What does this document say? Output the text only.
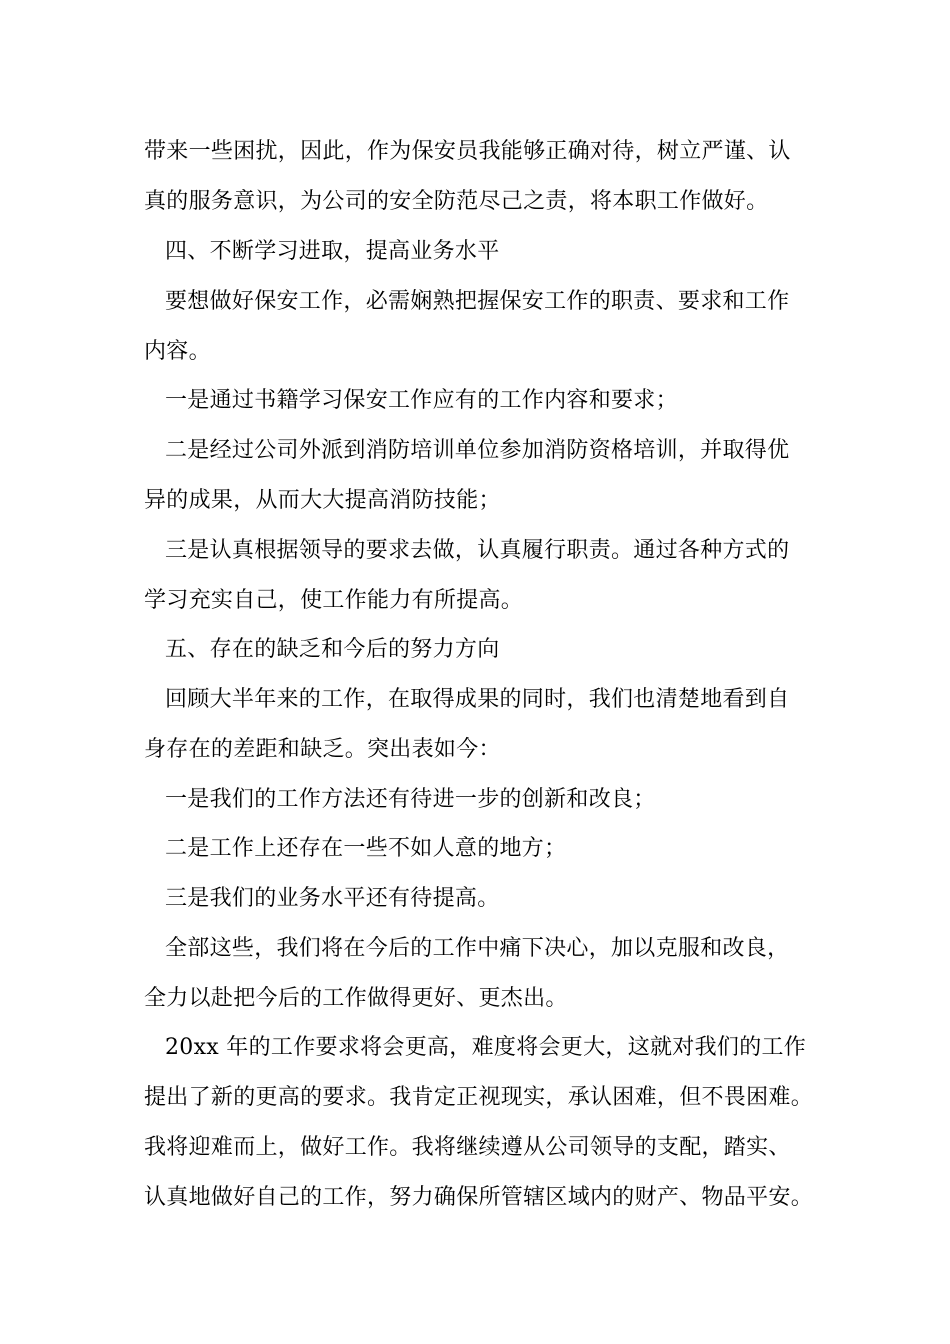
带来一些困扰，因此，作为保安员我能够正确对待，树立严谨、认
真的服务意识，为公司的安全防范尽己之责，将本职工作做好。
四、不断学习进取，提高业务水平
要想做好保安工作，必需娴熟把握保安工作的职责、要求和工作
内容。
一是通过书籍学习保安工作应有的工作内容和要求；
二是经过公司外派到消防培训单位参加消防资格培训，并取得优
异的成果，从而大大提高消防技能；
三是认真根据领导的要求去做，认真履行职责。通过各种方式的
学习充实自己，使工作能力有所提高。
五、存在的缺乏和今后的努力方向
回顾大半年来的工作，在取得成果的同时，我们也清楚地看到自
身存在的差距和缺乏。突出表如今：
一是我们的工作方法还有待进一步的创新和改良；
二是工作上还存在一些不如人意的地方；
三是我们的业务水平还有待提高。
全部这些，我们将在今后的工作中痛下决心，加以克服和改良，
全力以赴把今后的工作做得更好、更杰出。
20xx 年的工作要求将会更高，难度将会更大，这就对我们的工作
提出了新的更高的要求。我肯定正视现实，承认困难，但不畏困难。
我将迎难而上，做好工作。我将继续遵从公司领导的支配，踏实、
认真地做好自己的工作，努力确保所管辖区域内的财产、物品平安。
